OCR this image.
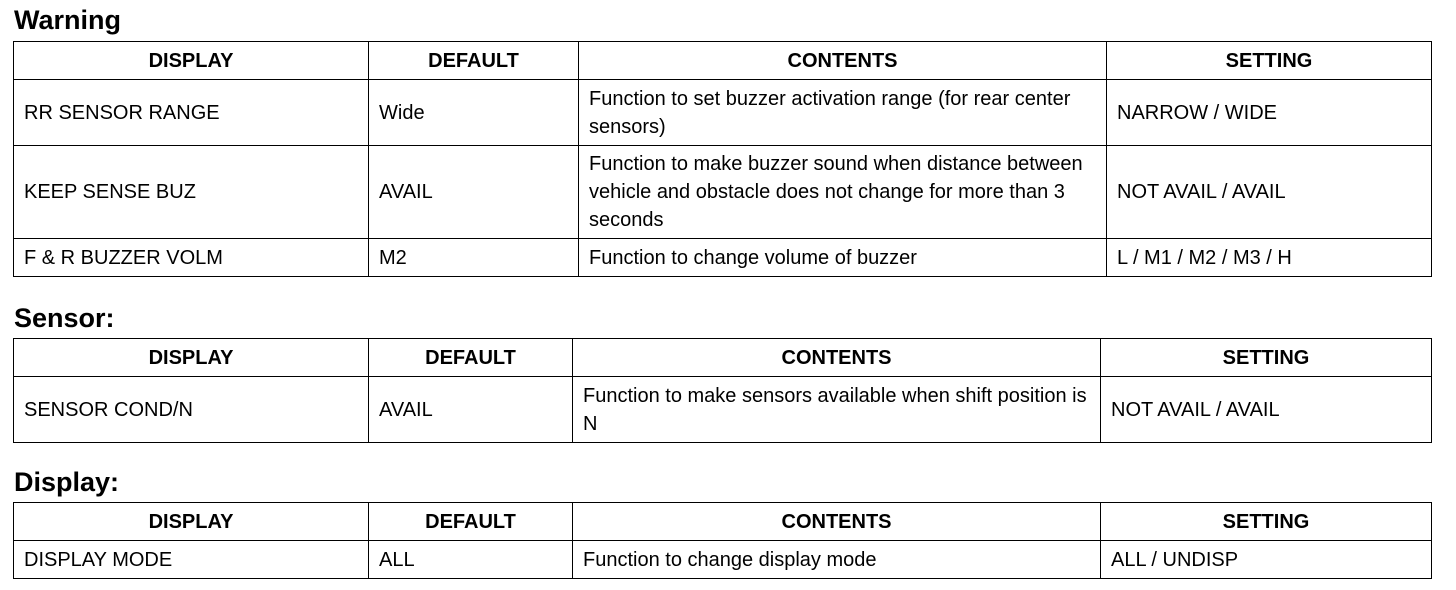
Warning
DISPLAY	DEFAULT	CONTENTS	SETTING
RR SENSOR RANGE	Wide	Function to set buzzer activation range (for rear center sensors)	NARROW / WIDE
KEEP SENSE BUZ	AVAIL	Function to make buzzer sound when distance between vehicle and obstacle does not change for more than 3 seconds	NOT AVAIL / AVAIL
F & R BUZZER VOLM	M2	Function to change volume of buzzer	L / M1 / M2 / M3 / H
Sensor:
DISPLAY	DEFAULT	CONTENTS	SETTING
SENSOR COND/N	AVAIL	Function to make sensors available when shift position is N	NOT AVAIL / AVAIL
Display:
DISPLAY	DEFAULT	CONTENTS	SETTING
DISPLAY MODE	ALL	Function to change display mode	ALL / UNDISP
